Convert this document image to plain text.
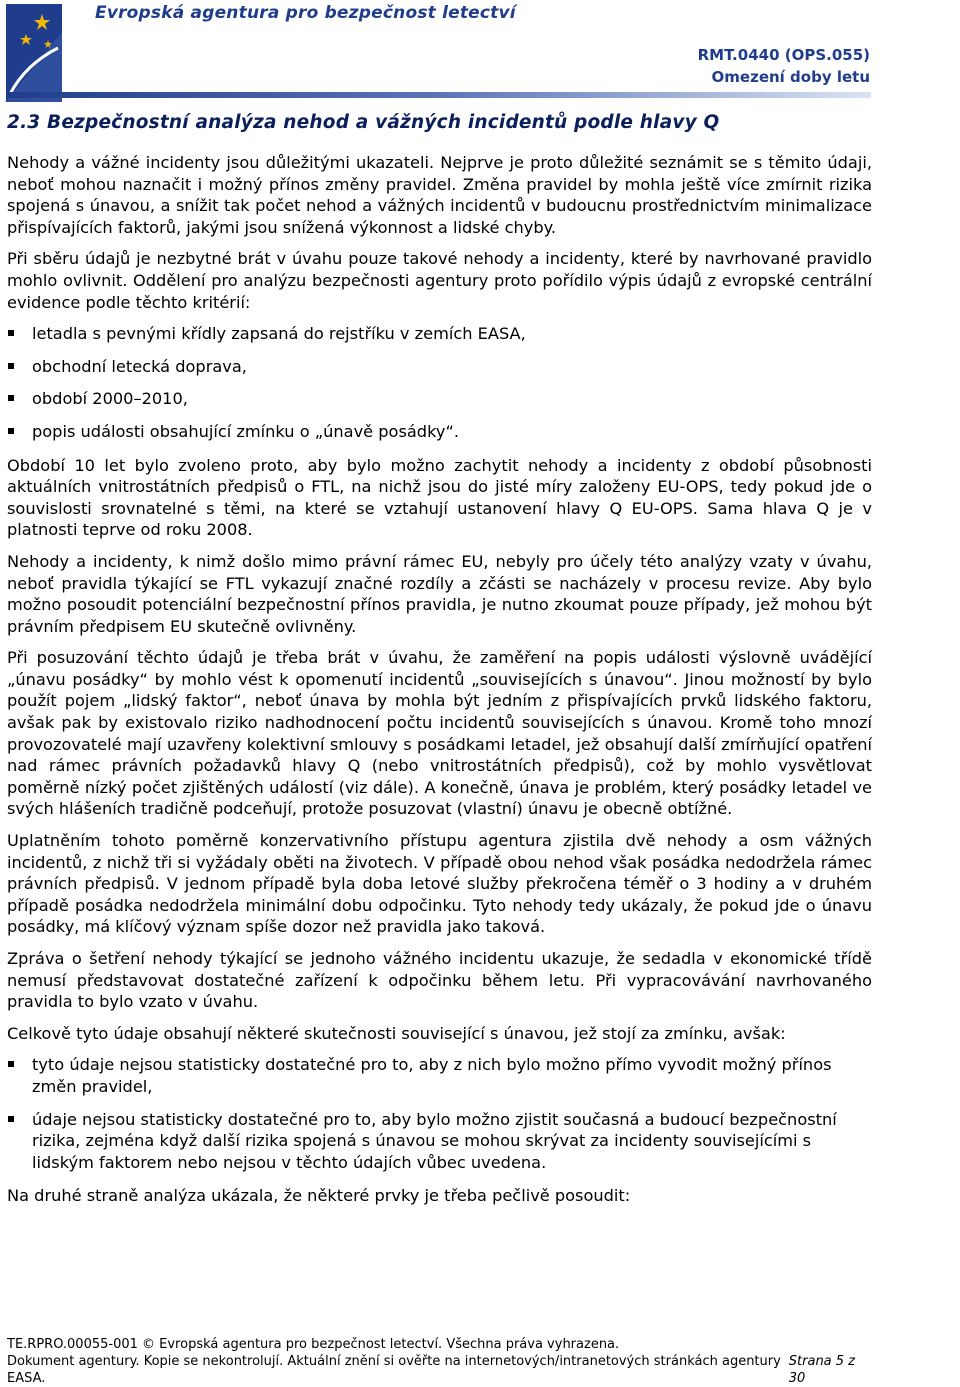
Evropská agentura pro bezpečnost letectví
RMT.0440 (OPS.055)
Omezení doby letu
2.3 Bezpečnostní analýza nehod a vážných incidentů podle hlavy Q

Nehody a vážné incidenty jsou důležitými ukazateli. Nejprve je proto důležité seznámit se s těmito údaji, neboť mohou naznačit i možný přínos změny pravidel. Změna pravidel by mohla ještě více zmírnit rizika spojená s únavou, a snížit tak počet nehod a vážných incidentů v budoucnu prostřednictvím minimalizace přispívajících faktorů, jakými jsou snížená výkonnost a lidské chyby.

Při sběru údajů je nezbytné brát v úvahu pouze takové nehody a incidenty, které by navrhované pravidlo mohlo ovlivnit. Oddělení pro analýzu bezpečnosti agentury proto pořídilo výpis údajů z evropské centrální evidence podle těchto kritérií:

letadla s pevnými křídly zapsaná do rejstříku v zemích EASA,
obchodní letecká doprava,
období 2000–2010,
popis události obsahující zmínku o „únavě posádky“.

Období 10 let bylo zvoleno proto, aby bylo možno zachytit nehody a incidenty z období působnosti aktuálních vnitrostátních předpisů o FTL, na nichž jsou do jisté míry založeny EU-OPS, tedy pokud jde o souvislosti srovnatelné s těmi, na které se vztahují ustanovení hlavy Q EU-OPS. Sama hlava Q je v platnosti teprve od roku 2008.

Nehody a incidenty, k nimž došlo mimo právní rámec EU, nebyly pro účely této analýzy vzaty v úvahu, neboť pravidla týkající se FTL vykazují značné rozdíly a zčásti se nacházely v procesu revize. Aby bylo možno posoudit potenciální bezpečnostní přínos pravidla, je nutno zkoumat pouze případy, jež mohou být právním předpisem EU skutečně ovlivněny.

Při posuzování těchto údajů je třeba brát v úvahu, že zaměření na popis události výslovně uvádějící „únavu posádky“ by mohlo vést k opomenutí incidentů „souvisejících s únavou“. Jinou možností by bylo použít pojem „lidský faktor“, neboť únava by mohla být jedním z přispívajících prvků lidského faktoru, avšak pak by existovalo riziko nadhodnocení počtu incidentů souvisejících s únavou. Kromě toho mnozí provozovatelé mají uzavřeny kolektivní smlouvy s posádkami letadel, jež obsahují další zmírňující opatření nad rámec právních požadavků hlavy Q (nebo vnitrostátních předpisů), což by mohlo vysvětlovat poměrně nízký počet zjištěných událostí (viz dále). A konečně, únava je problém, který posádky letadel ve svých hlášeních tradičně podceňují, protože posuzovat (vlastní) únavu je obecně obtížné.

Uplatněním tohoto poměrně konzervativního přístupu agentura zjistila dvě nehody a osm vážných incidentů, z nichž tři si vyžádaly oběti na životech. V případě obou nehod však posádka nedodržela rámec právních předpisů. V jednom případě byla doba letové služby překročena téměř o 3 hodiny a v druhém případě posádka nedodržela minimální dobu odpočinku. Tyto nehody tedy ukázaly, že pokud jde o únavu posádky, má klíčový význam spíše dozor než pravidla jako taková.

Zpráva o šetření nehody týkající se jednoho vážného incidentu ukazuje, že sedadla v ekonomické třídě nemusí představovat dostatečné zařízení k odpočinku během letu. Při vypracovávání navrhovaného pravidla to bylo vzato v úvahu.

Celkově tyto údaje obsahují některé skutečnosti související s únavou, jež stojí za zmínku, avšak:

tyto údaje nejsou statisticky dostatečné pro to, aby z nich bylo možno přímo vyvodit možný přínos změn pravidel,
údaje nejsou statisticky dostatečné pro to, aby bylo možno zjistit současná a budoucí bezpečnostní rizika, zejména když další rizika spojená s únavou se mohou skrývat za incidenty souvisejícími s lidským faktorem nebo nejsou v těchto údajích vůbec uvedena.

Na druhé straně analýza ukázala, že některé prvky je třeba pečlivě posoudit:

TE.RPRO.00055-001 © Evropská agentura pro bezpečnost letectví. Všechna práva vyhrazena.
Dokument agentury. Kopie se nekontrolují. Aktuální znění si ověřte na internetových/intranetových stránkách agentury EASA.
Strana 5 z 30
